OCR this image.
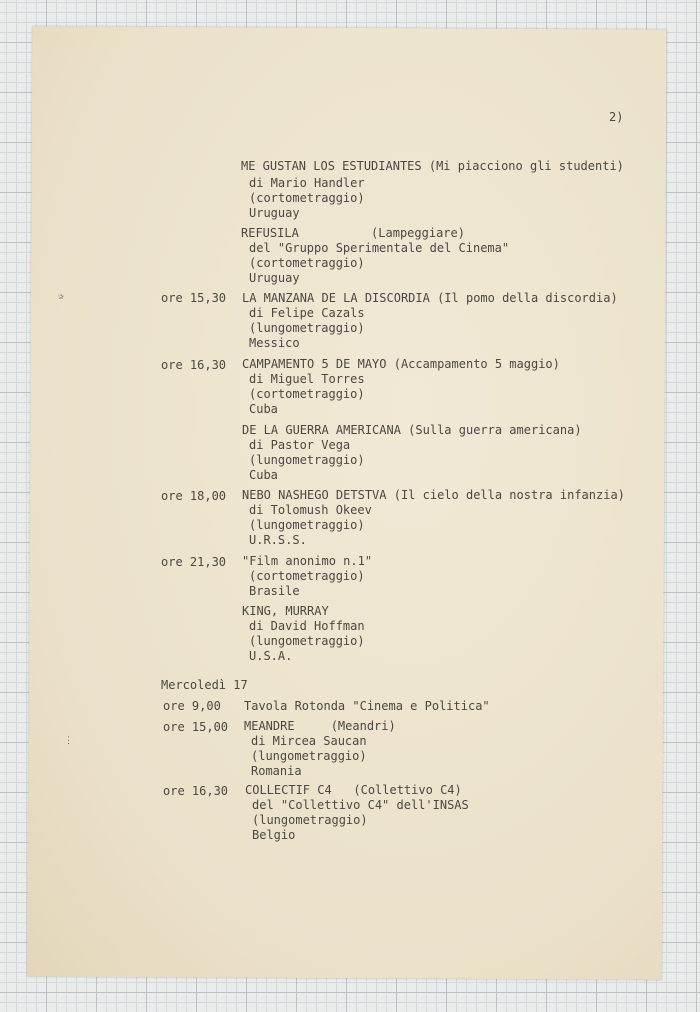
2)
ME GUSTAN LOS ESTUDIANTES (Mi piacciono gli studenti)
di Mario Handler
(cortometraggio)
Uruguay
REFUSILA          (Lampeggiare)
del "Gruppo Sperimentale del Cinema"
(cortometraggio)
Uruguay
✰	ore 15,30 LA MANZANA DE LA DISCORDIA (Il pomo della discordia)
di Felipe Cazals
(lungometraggio)
Messico
ore 16,30 CAMPAMENTO 5 DE MAYO (Accampamento 5 maggio)
di Miguel Torres
(cortometraggio)
Cuba
DE LA GUERRA AMERICANA (Sulla guerra americana)
di Pastor Vega
(lungometraggio)
Cuba
ore 18,00 NEBO NASHEGO DETSTVA (Il cielo della nostra infanzia)
di Tolomush Okeev
(lungometraggio)
U.R.S.S.
ore 21,30 "Film anonimo n.1"
(cortometraggio)
Brasile
KING, MURRAY
di David Hoffman
(lungometraggio)
U.S.A.
Mercoledì 17
ore 9,00 Tavola Rotonda "Cinema e Politica"
⋮
ore 15,00 MEANDRE     (Meandri)
di Mircea Saucan
(lungometraggio)
Romania
ore 16,30 COLLECTIF C4   (Collettivo C4)
del "Collettivo C4" dell'INSAS
(lungometraggio)
Belgio
